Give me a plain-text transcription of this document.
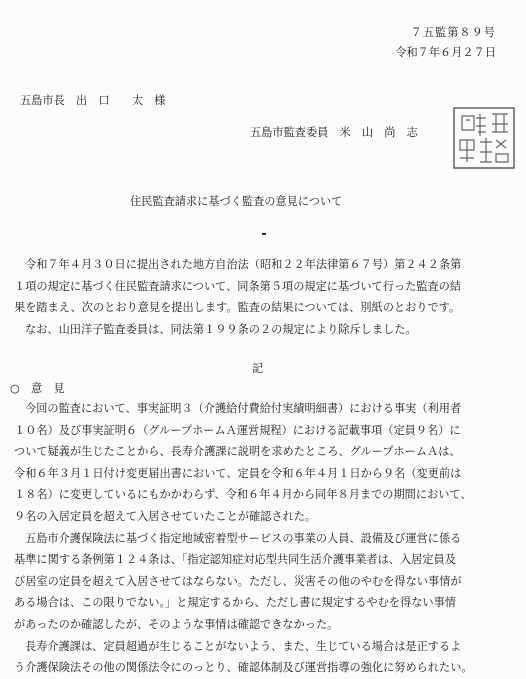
７五監第８９号
令和７年６月２７日
五島市長　出　口　　太　様
五島市監査委員　米　山　尚　志
住民監査請求に基づく監査の意見について
令和７年４月３０日に提出された地方自治法（昭和２２年法律第６７号）第２４２条第
１項の規定に基づく住民監査請求について、同条第５項の規定に基づいて行った監査の結
果を踏まえ、次のとおり意見を提出します。監査の結果については、別紙のとおりです。
なお、山田洋子監査委員は、同法第１９９条の２の規定により除斥しました。
記
○　意　見
今回の監査において、事実証明３（介護給付費給付実績明細書）における事実（利用者
１０名）及び事実証明６（グループホームＡ運営規程）における記載事項（定員９名）に
ついて疑義が生じたことから、長寿介護課に説明を求めたところ、グループホームＡは、
令和６年３月１日付け変更届出書において、定員を令和６年４月１日から９名（変更前は
１８名）に変更しているにもかかわらず、令和６年４月から同年８月までの期間において、
９名の入居定員を超えて入居させていたことが確認された。
五島市介護保険法に基づく指定地域密着型サービスの事業の人員、設備及び運営に係る
基準に関する条例第１２４条は、「指定認知症対応型共同生活介護事業者は、入居定員及
び居室の定員を超えて入居させてはならない。ただし、災害その他のやむを得ない事情が
ある場合は、この限りでない。」と規定するから、ただし書に規定するやむを得ない事情
があったのか確認したが、そのような事情は確認できなかった。
長寿介護課は、定員超過が生じることがないよう、また、生じている場合は是正するよ
う介護保険法その他の関係法令にのっとり、確認体制及び運営指導の強化に努められたい。
